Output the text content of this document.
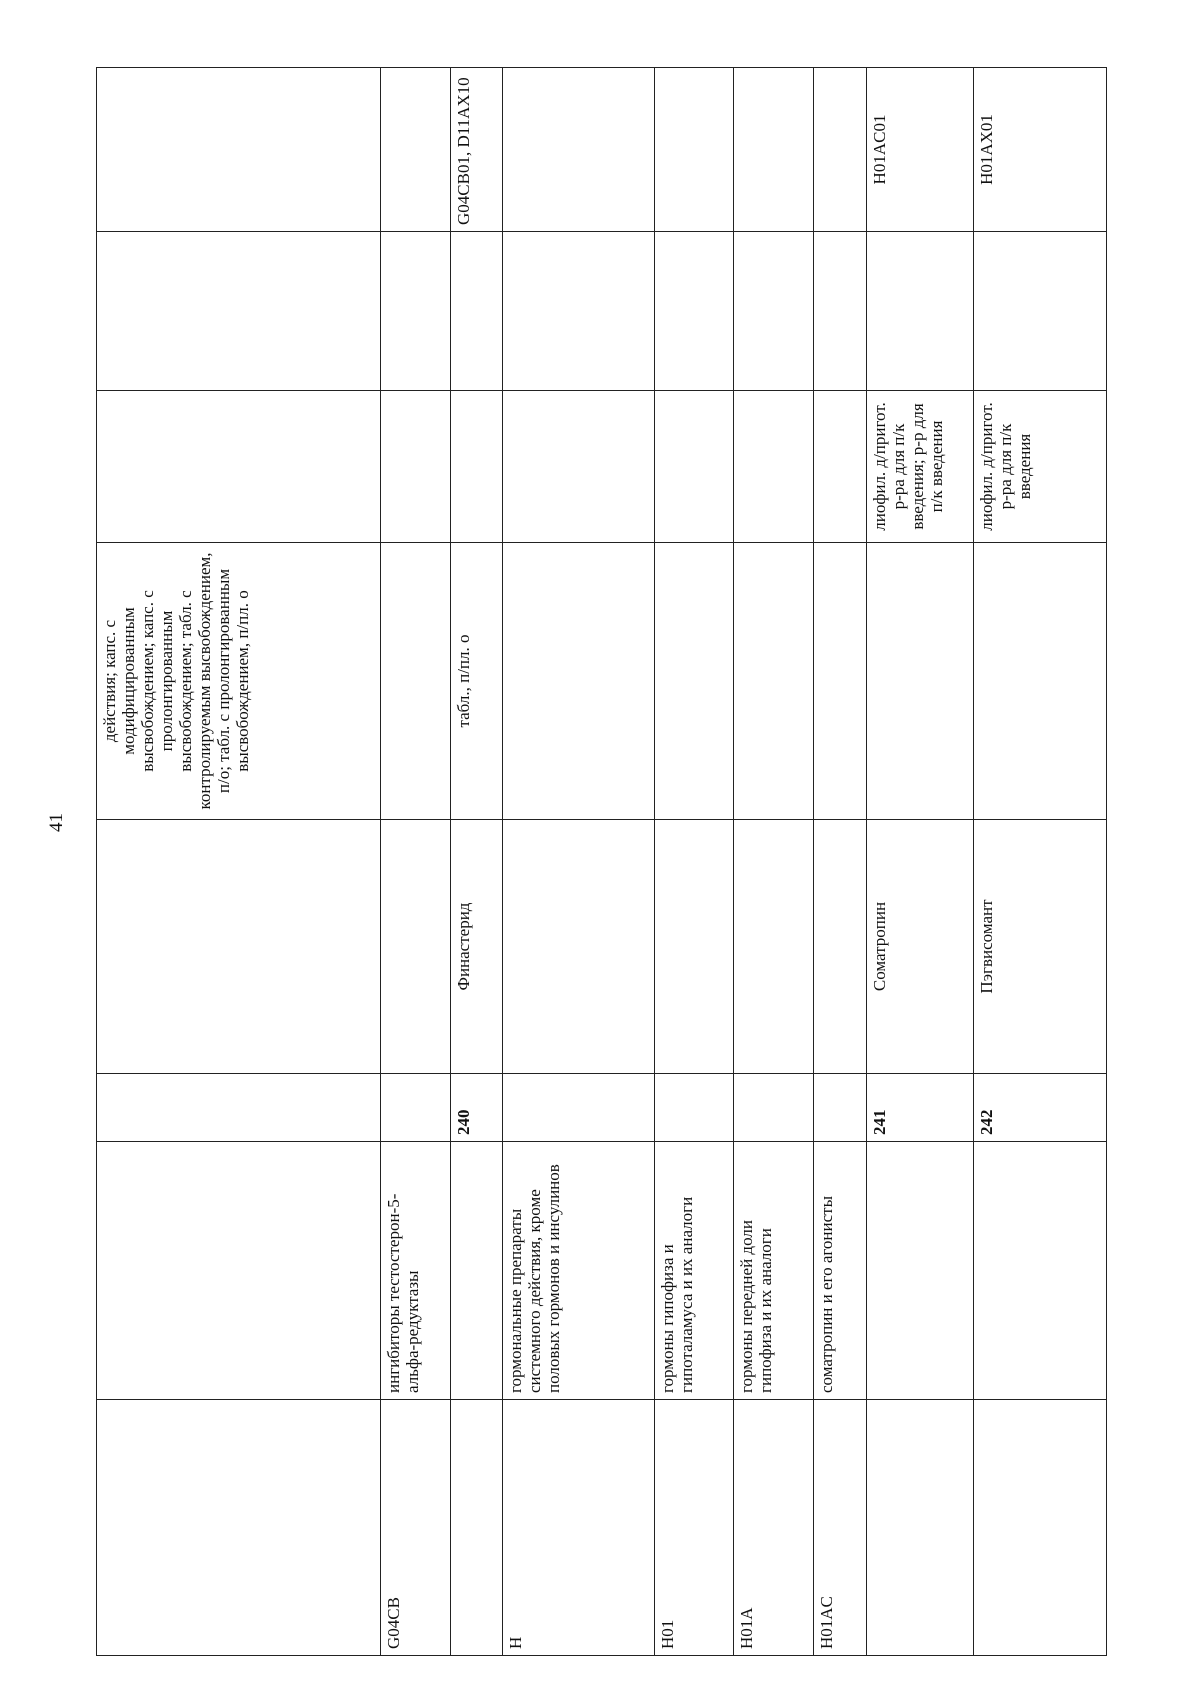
41
				действия; капс. с модифицированным высвобождением; капс. с пролонгированным высвобождением; табл. с контролируемым высвобождением, п/о; табл. с пролонгированным высвобождением, п/пл. о			
G04CB	ингибиторы тестостерон-5-альфа-редуктазы						
		240	Финастерид	табл., п/пл. о			G04CB01, D11AX10
H	гормональные препараты системного действия, кроме половых гормонов и инсулинов						
H01	гормоны гипофиза и гипоталамуса и их аналоги						
H01A	гормоны передней доли гипофиза и их аналоги						
H01AC	соматропин и его агонисты						
		241	Соматропин		лиофил. д/пригот. р-ра для п/к введения; р-р для п/к введения		H01AC01
		242	Пэгвисомант		лиофил. д/пригот. р-ра для п/к введения		H01AX01
